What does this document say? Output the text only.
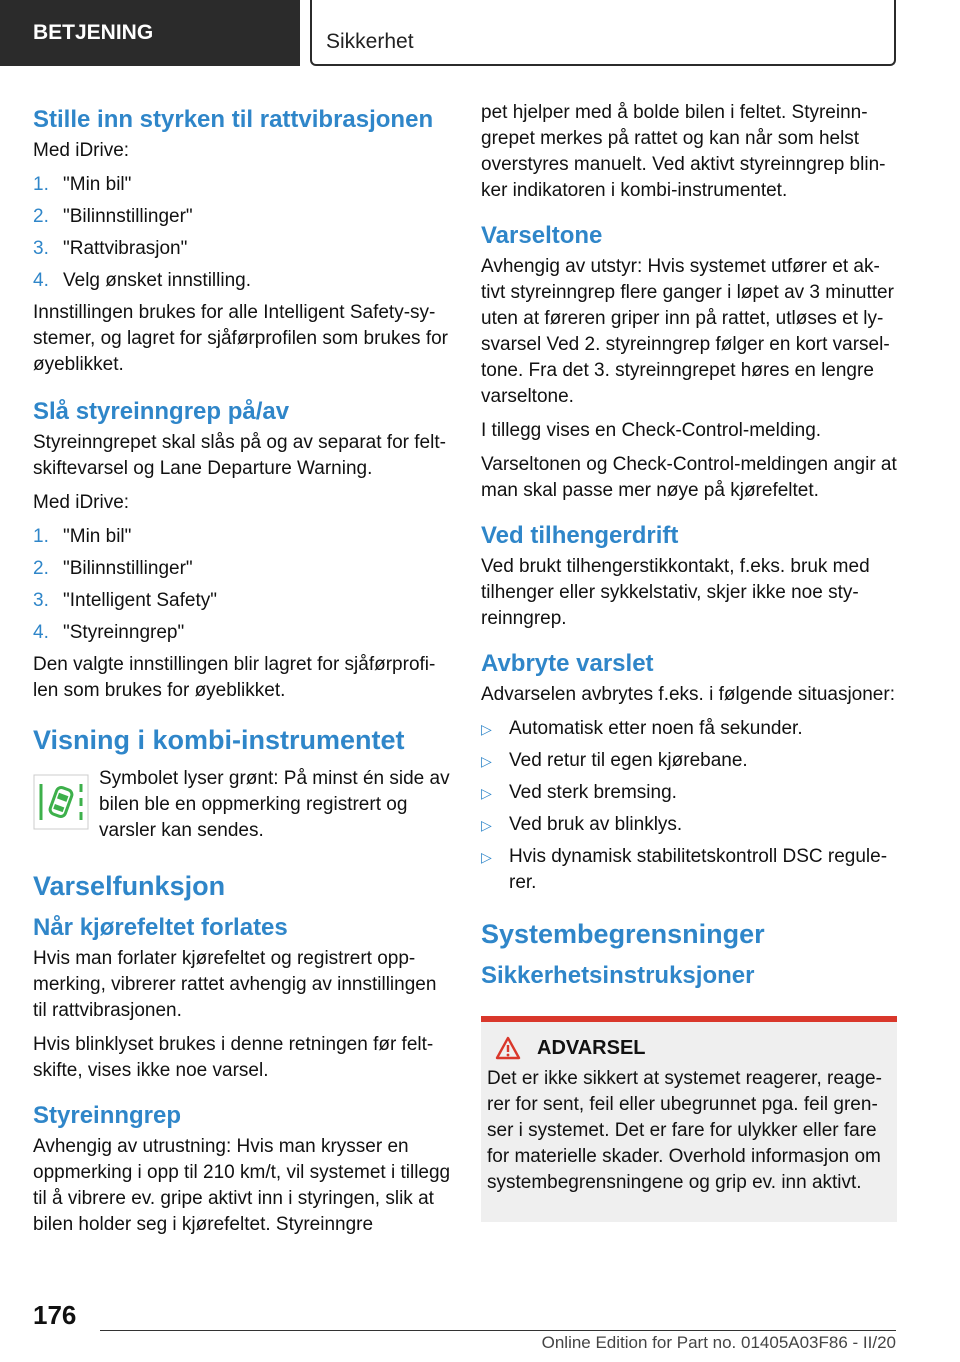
BETJENING	Sikkerhet
Stille inn styrken til rattvibrasjonen

Med iDrive:

1. "Min bil"
2. "Bilinnstillinger"
3. "Rattvibrasjon"
4. Velg ønsket innstilling.

Innstillingen brukes for alle Intelligent Safety-systemer, og lagret for sjåførprofilen som brukes for øyeblikket.

Slå styreinngrep på/av

Styreinngrepet skal slås på og av separat for feltskiftevarsel og Lane Departure Warning.

Med iDrive:

1. "Min bil"
2. "Bilinnstillinger"
3. "Intelligent Safety"
4. "Styreinngrep"

Den valgte innstillingen blir lagret for sjåførprofilen som brukes for øyeblikket.

Visning i kombi-instrumentet
Symbolet lyser grønt: På minst én side av bilen ble en oppmerking registrert og varsler kan sendes.
Varselfunksjon
Når kjørefeltet forlates

Hvis man forlater kjørefeltet og registrert oppmerking, vibrerer rattet avhengig av innstillingen til rattvibrasjonen.

Hvis blinklyset brukes i denne retningen før feltskifte, vises ikke noe varsel.

Styreinngrep

Avhengig av utrustning: Hvis man krysser en oppmerking i opp til 210 km/t, vil systemet i tillegg til å vibrere ev. gripe aktivt inn i styringen, slik at bilen holder seg i kjørefeltet. Styreinngre

pet hjelper med å bolde bilen i feltet. Styreinngrepet merkes på rattet og kan når som helst overstyres manuelt. Ved aktivt styreinngrep blinker indikatoren i kombi-instrumentet.

Varseltone

Avhengig av utstyr: Hvis systemet utfører et aktivt styreinngrep flere ganger i løpet av 3 minutter uten at føreren griper inn på rattet, utløses et lysvarsel Ved 2. styreinngrep følger en kort varseltone. Fra det 3. styreinngrepet høres en lengre varseltone.

I tillegg vises en Check-Control-melding.

Varseltonen og Check-Control-meldingen angir at man skal passe mer nøye på kjørefeltet.

Ved tilhengerdrift

Ved brukt tilhengerstikkontakt, f.eks. bruk med tilhenger eller sykkelstativ, skjer ikke noe styreinngrep.

Avbryte varslet

Advarselen avbrytes f.eks. i følgende situasjoner:

▷ Automatisk etter noen få sekunder.
▷ Ved retur til egen kjørebane.
▷ Ved sterk bremsing.
▷ Ved bruk av blinklys.
▷ Hvis dynamisk stabilitetskontroll DSC regulerer.
Systembegrensninger
Sikkerhetsinstruksjoner
ADVARSEL

Det er ikke sikkert at systemet reagerer, reagerer for sent, feil eller ubegrunnet pga. feil grenser i systemet. Det er fare for ulykker eller fare for materielle skader. Overhold informasjon om systembegrensningene og grip ev. inn aktivt.

176
Online Edition for Part no. 01405A03F86 - II/20
